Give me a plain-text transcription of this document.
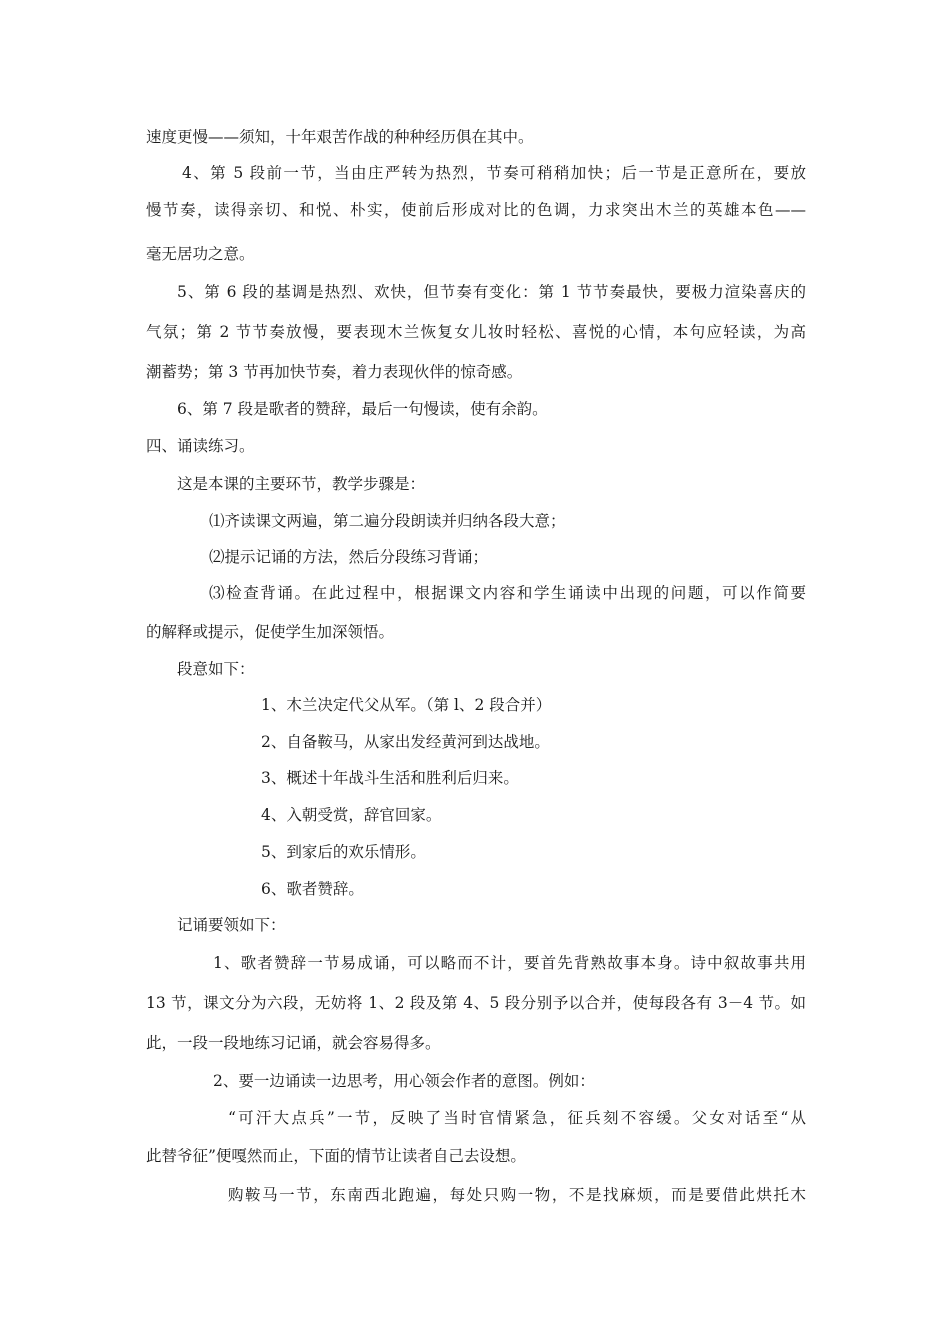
速度更慢——须知，十年艰苦作战的种种经历俱在其中。
4、第 5 段前一节，当由庄严转为热烈，节奏可稍稍加快；后一节是正意所在，要放
慢节奏，读得亲切、和悦、朴实，使前后形成对比的色调，力求突出木兰的英雄本色——
毫无居功之意。
5、第 6 段的基调是热烈、欢快，但节奏有变化：第 1 节节奏最快，要极力渲染喜庆的
气氛；第 2 节节奏放慢，要表现木兰恢复女儿妆时轻松、喜悦的心情，本句应轻读，为高
潮蓄势；第 3 节再加快节奏，着力表现伙伴的惊奇感。
6、第 7 段是歌者的赞辞，最后一句慢读，使有余韵。
四、诵读练习。
这是本课的主要环节，教学步骤是：
⑴齐读课文两遍，第二遍分段朗读并归纳各段大意；
⑵提示记诵的方法，然后分段练习背诵；
⑶检查背诵。在此过程中，根据课文内容和学生诵读中出现的问题，可以作简要
的解释或提示，促使学生加深领悟。
段意如下：
1、木兰决定代父从军。（第 l、2 段合并）
2、自备鞍马，从家出发经黄河到达战地。
3、概述十年战斗生活和胜利后归来。
4、入朝受赏，辞官回家。
5、到家后的欢乐情形。
6、歌者赞辞。
记诵要领如下：
1、歌者赞辞一节易成诵，可以略而不计，要首先背熟故事本身。诗中叙故事共用
13 节，课文分为六段，无妨将 1、2 段及第 4、5 段分别予以合并，使每段各有 3－4 节。如
此，一段一段地练习记诵，就会容易得多。
2、要一边诵读一边思考，用心领会作者的意图。例如：
“可汗大点兵”一节，反映了当时官情紧急，征兵刻不容缓。父女对话至“从
此替爷征”便嘎然而止，下面的情节让读者自己去设想。
购鞍马一节，东南西北跑遍，每处只购一物，不是找麻烦，而是要借此烘托木
